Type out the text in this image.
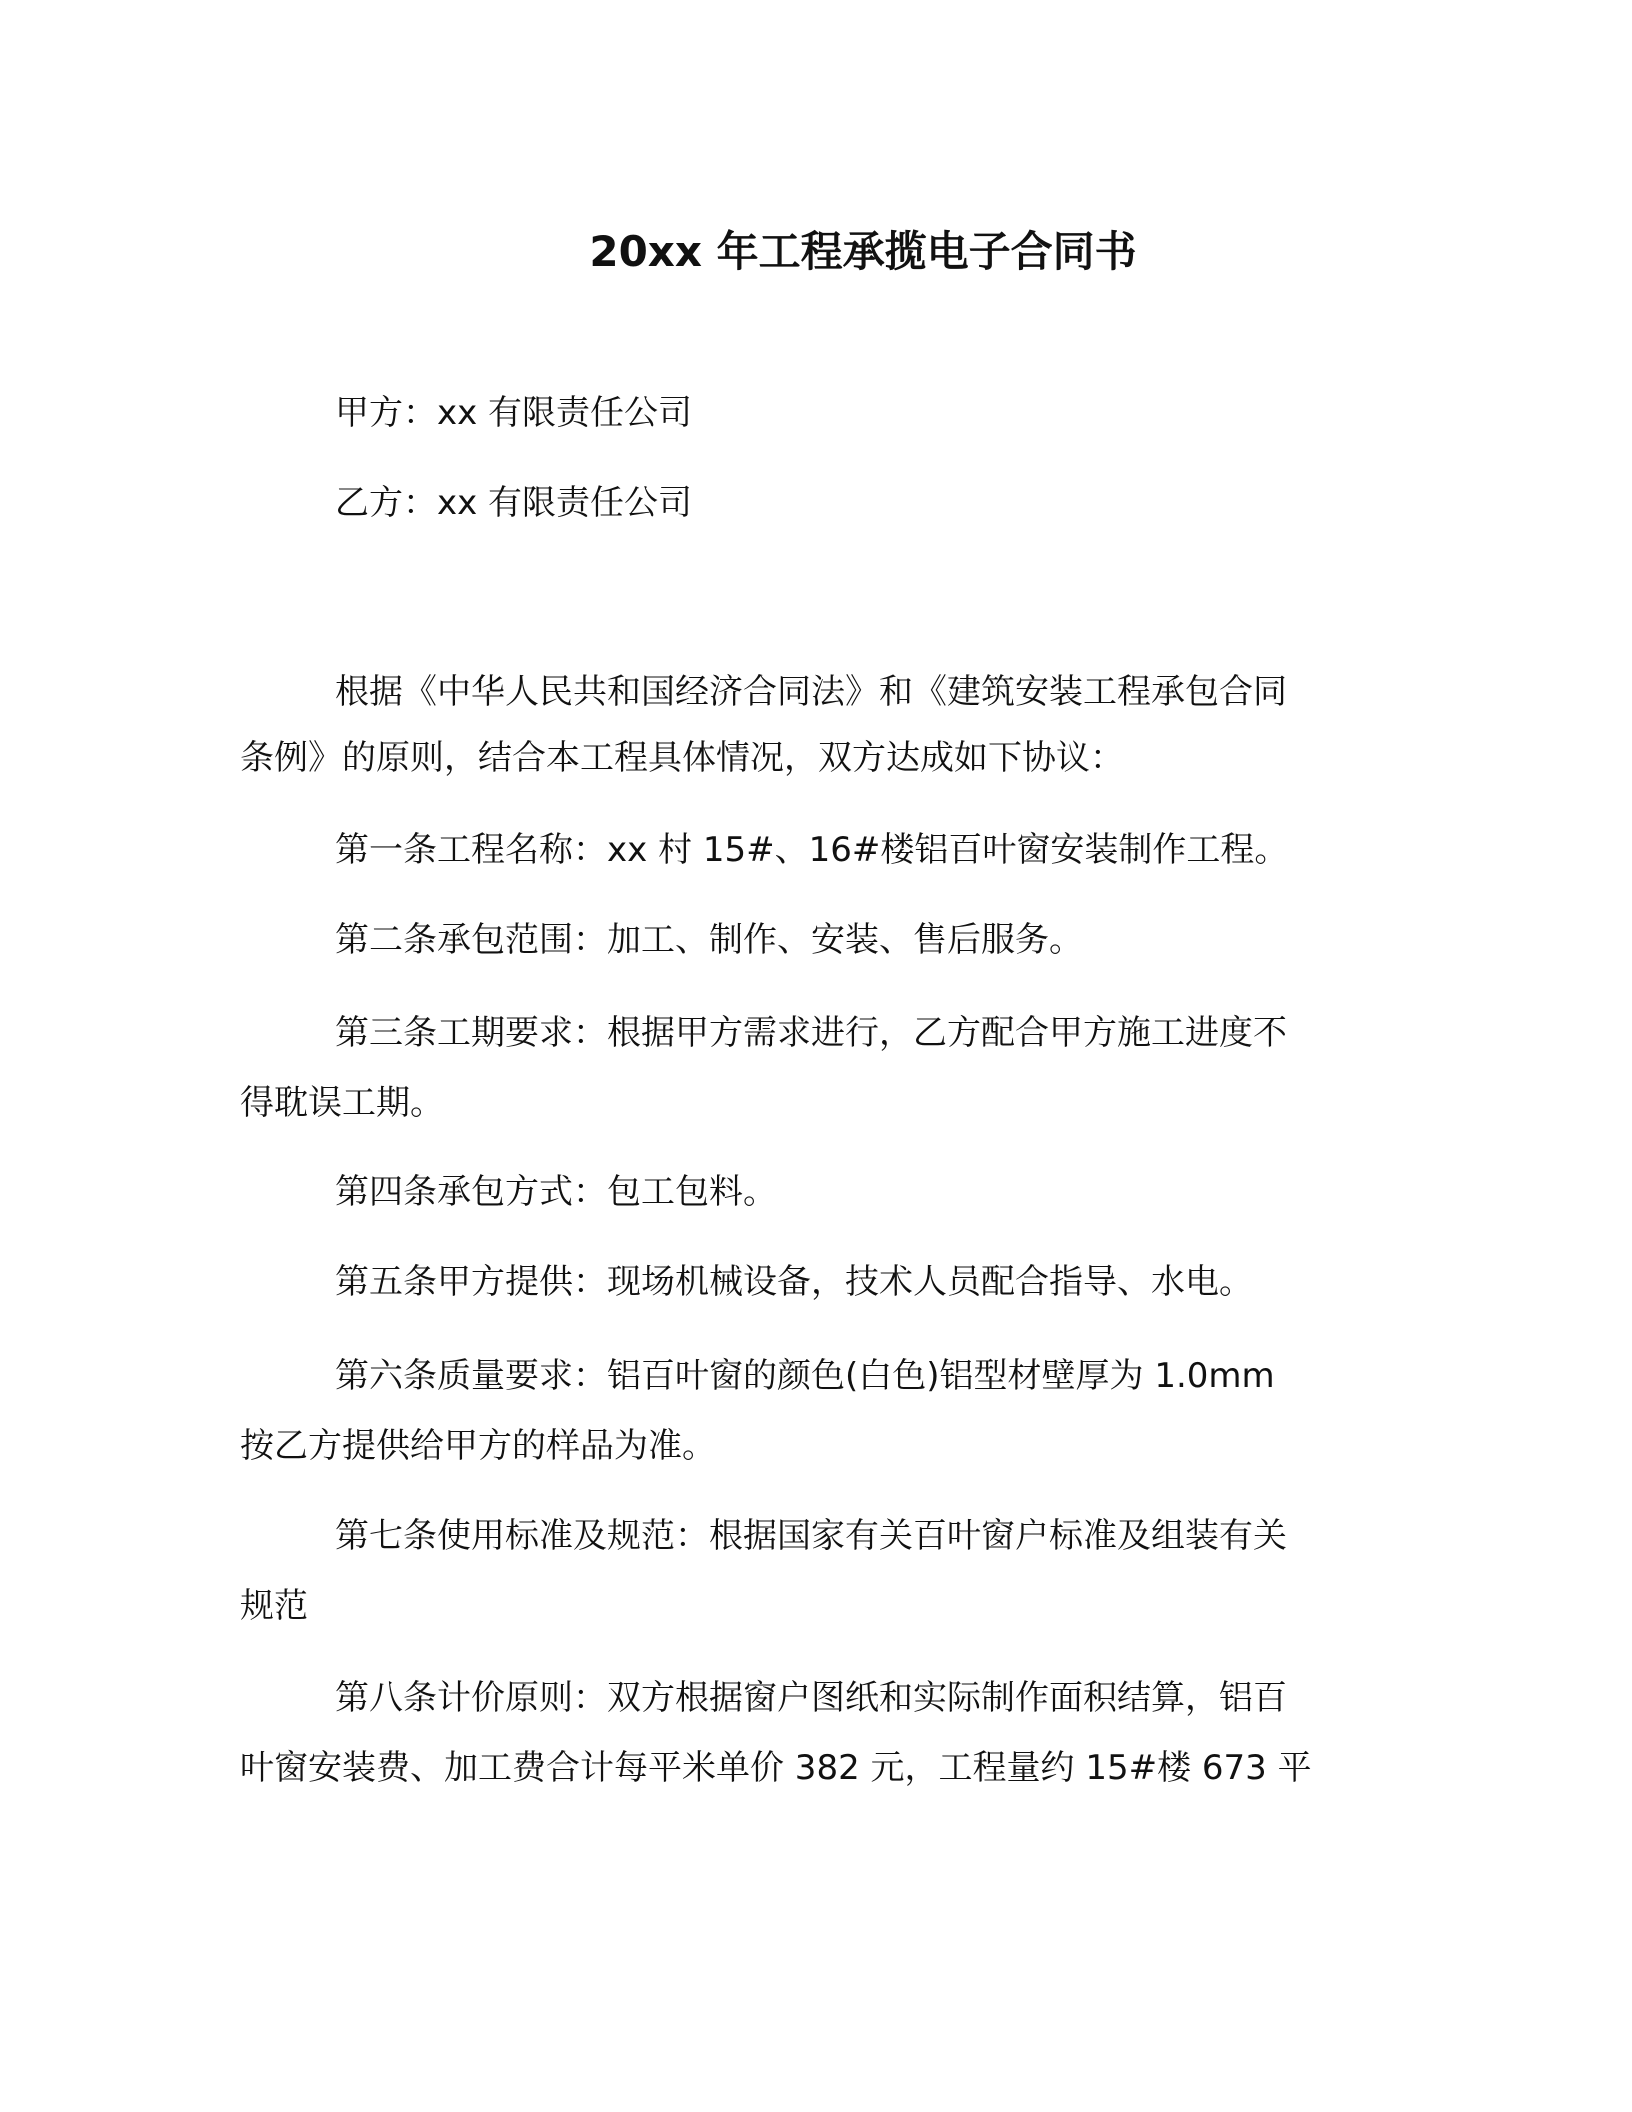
20xx 年工程承揽电子合同书
甲方：xx 有限责任公司
乙方：xx 有限责任公司
根据《中华人民共和国经济合同法》和《建筑安装工程承包合同
条例》的原则，结合本工程具体情况，双方达成如下协议：
第一条工程名称：xx 村 15#、16#楼铝百叶窗安装制作工程。
第二条承包范围：加工、制作、安装、售后服务。
第三条工期要求：根据甲方需求进行，乙方配合甲方施工进度不
得耽误工期。
第四条承包方式：包工包料。
第五条甲方提供：现场机械设备，技术人员配合指导、水电。
第六条质量要求：铝百叶窗的颜色(白色)铝型材壁厚为 1.0mm
按乙方提供给甲方的样品为准。
第七条使用标准及规范：根据国家有关百叶窗户标准及组装有关
规范
第八条计价原则：双方根据窗户图纸和实际制作面积结算，铝百
叶窗安装费、加工费合计每平米单价 382 元，工程量约 15#楼 673 平
